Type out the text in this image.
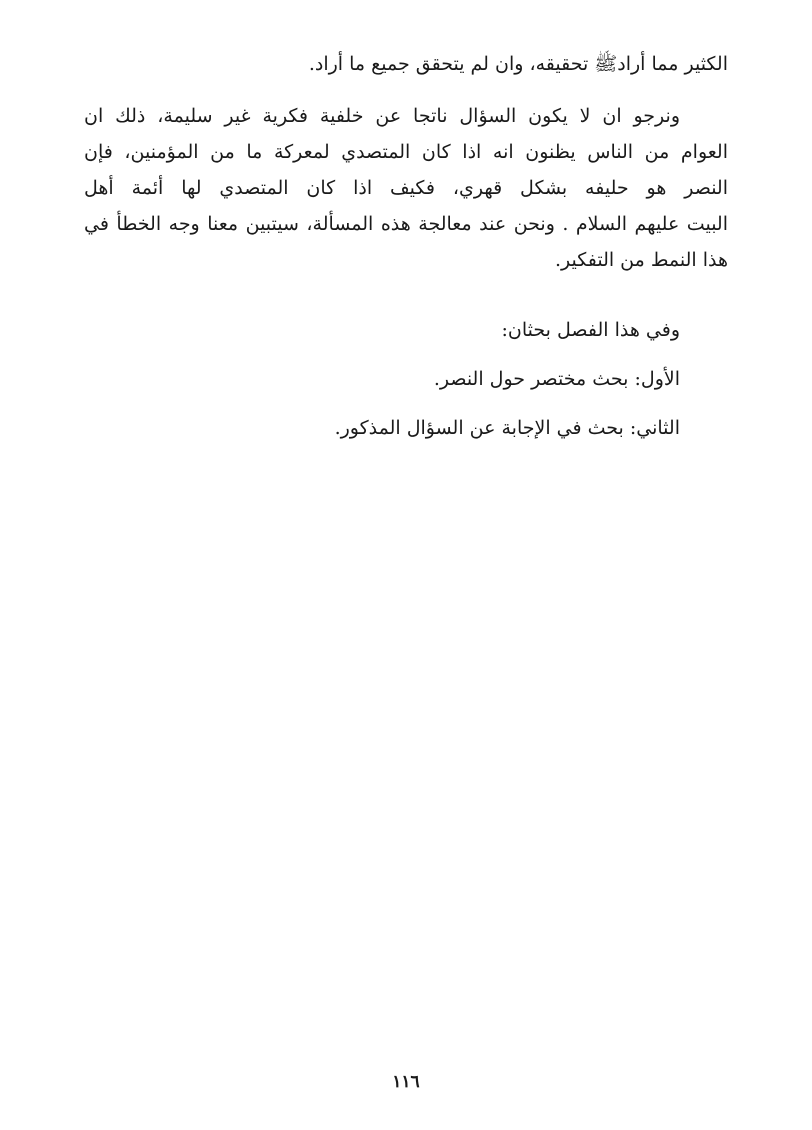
الكثير مما أرادﷺ تحقيقه، وان لم يتحقق جميع ما أراد.
ونرجو ان لا يكون السؤال ناتجا عن خلفية فكرية غير سليمة، ذلك ان
العوام من الناس يظنون انه اذا كان المتصدي لمعركة ما من المؤمنين، فإن
النصر هو حليفه بشكل قهري، فكيف اذا كان المتصدي لها أئمة أهل
البيت عليهم السلام . ونحن عند معالجة هذه المسألة، سيتبين معنا وجه الخطأ في
هذا النمط من التفكير.
وفي هذا الفصل بحثان:
الأول: بحث مختصر حول النصر.
الثاني: بحث في الإجابة عن السؤال المذكور.
١١٦
